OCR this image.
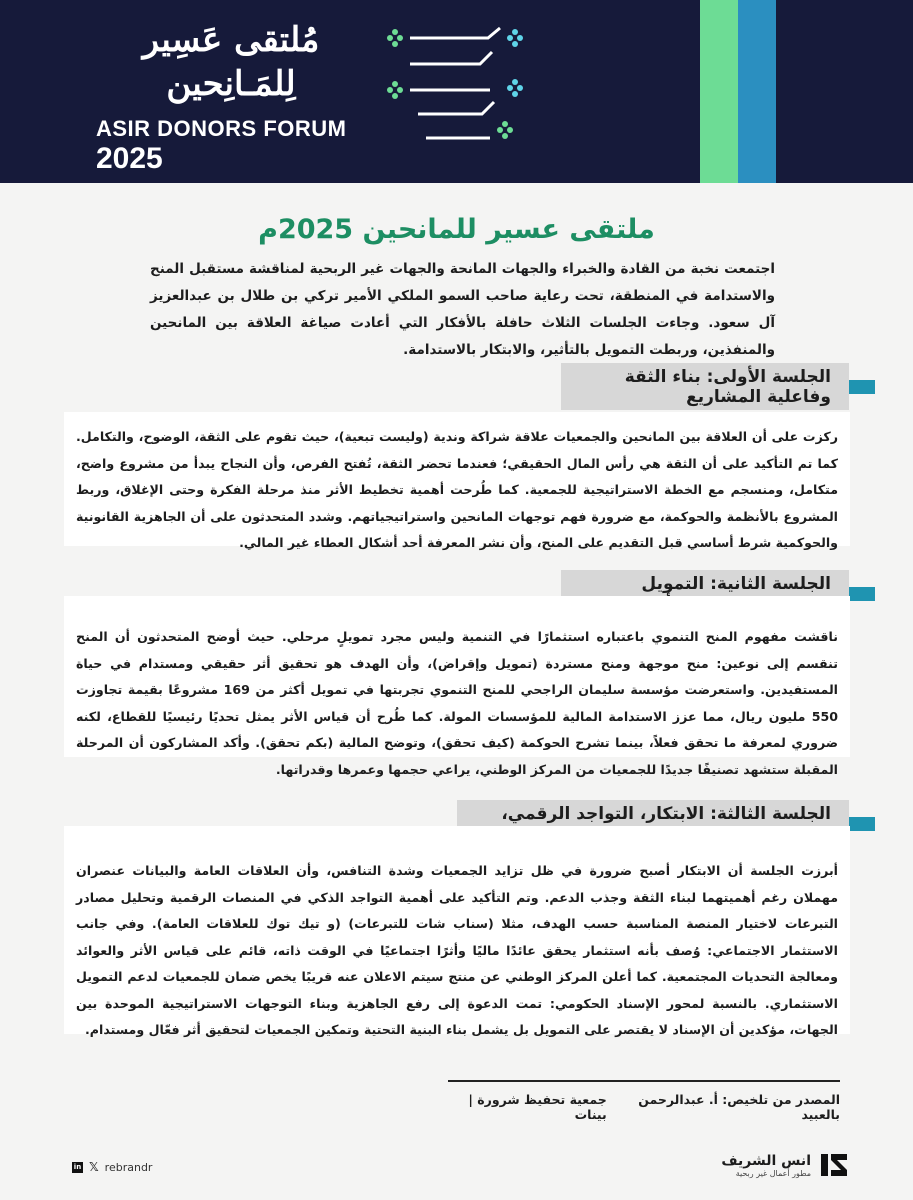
مُلتقى عَسِير
لِلمَـانِحين
ASIR DONORS FORUM
2025
ملتقى عسير للمانحين 2025م
اجتمعت نخبة من القادة والخبراء والجهات المانحة والجهات غير الربحية لمناقشة مستقبل المنح والاستدامة في المنطقة، تحت رعاية صاحب السمو الملكي الأمير تركي بن طلال بن عبدالعزيز آل سعود. وجاءت الجلسات الثلاث حافلة بالأفكار التي أعادت صياغة العلاقة بين المانحين والمنفذين، وربطت التمويل بالتأثير، والابتكار بالاستدامة.
الجلسة الأولى: بناء الثقة وفاعلية المشاريع
ركزت على أن العلاقة بين المانحين والجمعيات علاقة شراكة وندية (وليست تبعية)، حيث تقوم على الثقة، الوضوح، والتكامل. كما تم التأكيد على أن الثقة هي رأس المال الحقيقي؛ فعندما تحضر الثقة، تُفتح الفرص، وأن النجاح يبدأ من مشروع واضح، متكامل، ومنسجم مع الخطة الاستراتيجية للجمعية. كما طُرحت أهمية تخطيط الأثر منذ مرحلة الفكرة وحتى الإغلاق، وربط المشروع بالأنظمة والحوكمة، مع ضرورة فهم توجهات المانحين واستراتيجياتهم. وشدد المتحدثون على أن الجاهزية القانونية والحوكمية شرط أساسي قبل التقديم على المنح، وأن نشر المعرفة أحد أشكال العطاء غير المالي.
الجلسة الثانية: التمويل
ناقشت مفهوم المنح التنموي باعتباره استثمارًا في التنمية وليس مجرد تمويلٍ مرحلي. حيث أوضح المتحدثون أن المنح تنقسم إلى نوعين: منح موجهة ومنح مستردة (تمويل وإقراض)، وأن الهدف هو تحقيق أثر حقيقي ومستدام في حياة المستفيدين. واستعرضت مؤسسة سليمان الراجحي للمنح التنموي تجربتها في تمويل أكثر من 169 مشروعًا بقيمة تجاوزت 550 مليون ريال، مما عزز الاستدامة المالية للمؤسسات المولة. كما طُرح أن قياس الأثر يمثل تحديًا رئيسيًا للقطاع، لكنه ضروري لمعرفة ما تحقق فعلاً، بينما تشرح الحوكمة (كيف تحقق)، وتوضح المالية (بكم تحقق). وأكد المشاركون أن المرحلة المقبلة ستشهد تصنيفًا جديدًا للجمعيات من المركز الوطني، يراعي حجمها وعمرها وقدراتها.
الجلسة الثالثة: الابتكار، التواجد الرقمي،
أبرزت الجلسة أن الابتكار أصبح ضرورة في ظل تزايد الجمعيات وشدة التنافس، وأن العلاقات العامة والبيانات عنصران مهملان رغم أهميتهما لبناء الثقة وجذب الدعم. وتم التأكيد على أهمية التواجد الذكي في المنصات الرقمية وتحليل مصادر التبرعات لاختيار المنصة المناسبة حسب الهدف، مثلا (سناب شات للتبرعات) (و تيك توك للعلاقات العامة). وفي جانب الاستثمار الاجتماعي: وُصف بأنه استثمار يحقق عائدًا ماليًا وأثرًا اجتماعيًا في الوقت ذاته، قائم على قياس الأثر والعوائد ومعالجة التحديات المجتمعية. كما أعلن المركز الوطني عن منتج سيتم الاعلان عنه قريبًا يخص ضمان للجمعيات لدعم التمويل الاستثماري. بالنسبة لمحور الإسناد الحكومي: تمت الدعوة إلى رفع الجاهزية وبناء التوجهات الاستراتيجية الموحدة بين الجهات، مؤكدين أن الإسناد لا يقتصر على التمويل بل يشمل بناء البنية التحتية وتمكين الجمعيات لتحقيق أثر فعّال ومستدام.
المصدر من تلخيص: أ. عبدالرحمن بالعبيد
جمعية تحفيظ شرورة | بينات
in 𝕏 rebrandr	انس الشريف
مطور أعمال غير ربحية
